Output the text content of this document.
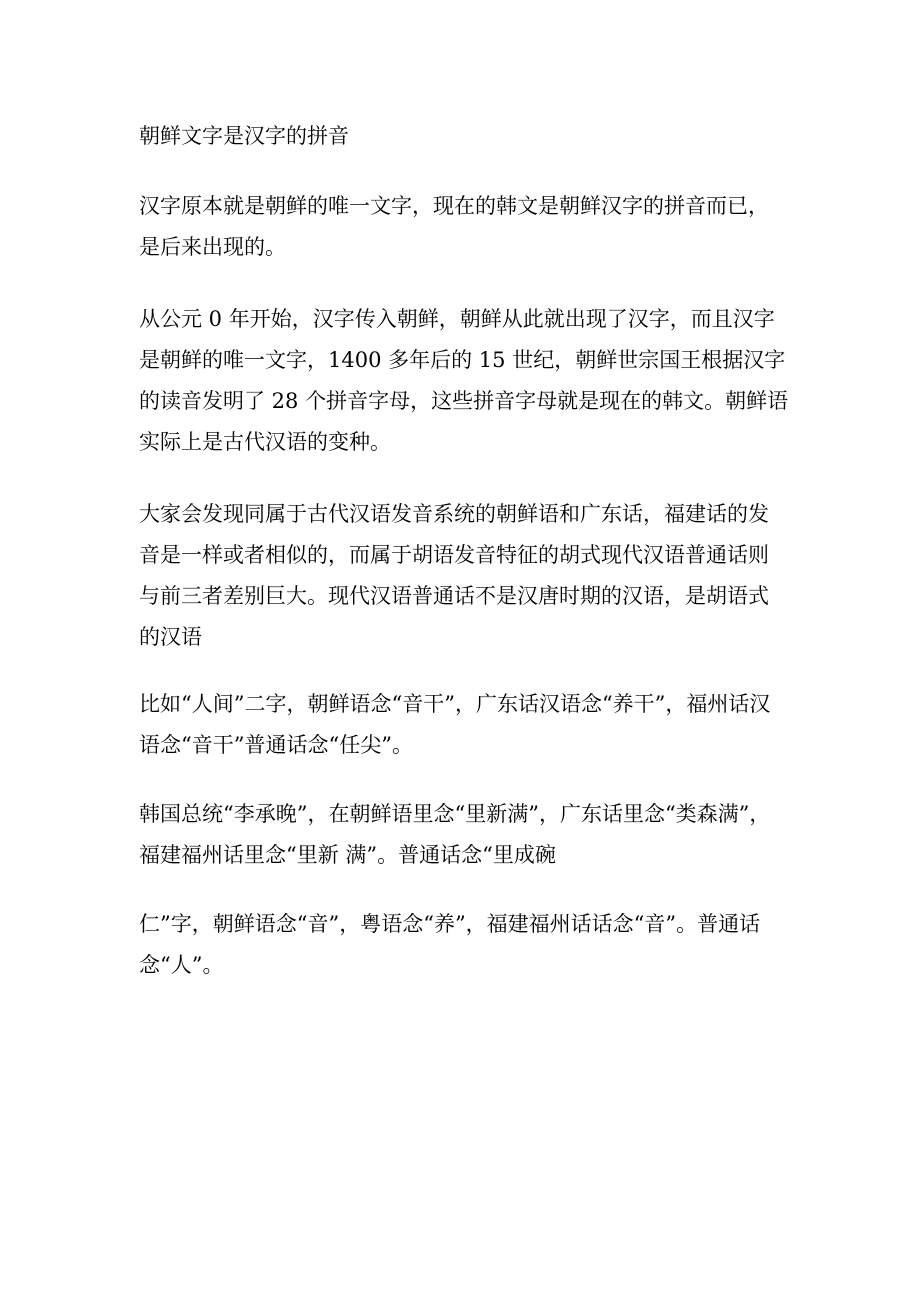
朝鲜文字是汉字的拼音

汉字原本就是朝鲜的唯一文字，现在的韩文是朝鲜汉字的拼音而已，是后来出现的。

从公元 0 年开始，汉字传入朝鲜，朝鲜从此就出现了汉字，而且汉字是朝鲜的唯一文字，1400 多年后的 15 世纪，朝鲜世宗国王根据汉字的读音发明了 28 个拼音字母，这些拼音字母就是现在的韩文。朝鲜语实际上是古代汉语的变种。

大家会发现同属于古代汉语发音系统的朝鲜语和广东话，福建话的发音是一样或者相似的，而属于胡语发音特征的胡式现代汉语普通话则与前三者差别巨大。现代汉语普通话不是汉唐时期的汉语，是胡语式的汉语

比如“人间”二字，朝鲜语念“音干”，广东话汉语念“养干”，福州话汉语念“音干”普通话念“任尖”。

韩国总统“李承晚”，在朝鲜语里念“里新满”，广东话里念“类森满”，福建福州话里念“里新 满”。普通话念“里成碗

仁”字，朝鲜语念“音”，粤语念“养”，福建福州话话念“音”。普通话念“人”。
